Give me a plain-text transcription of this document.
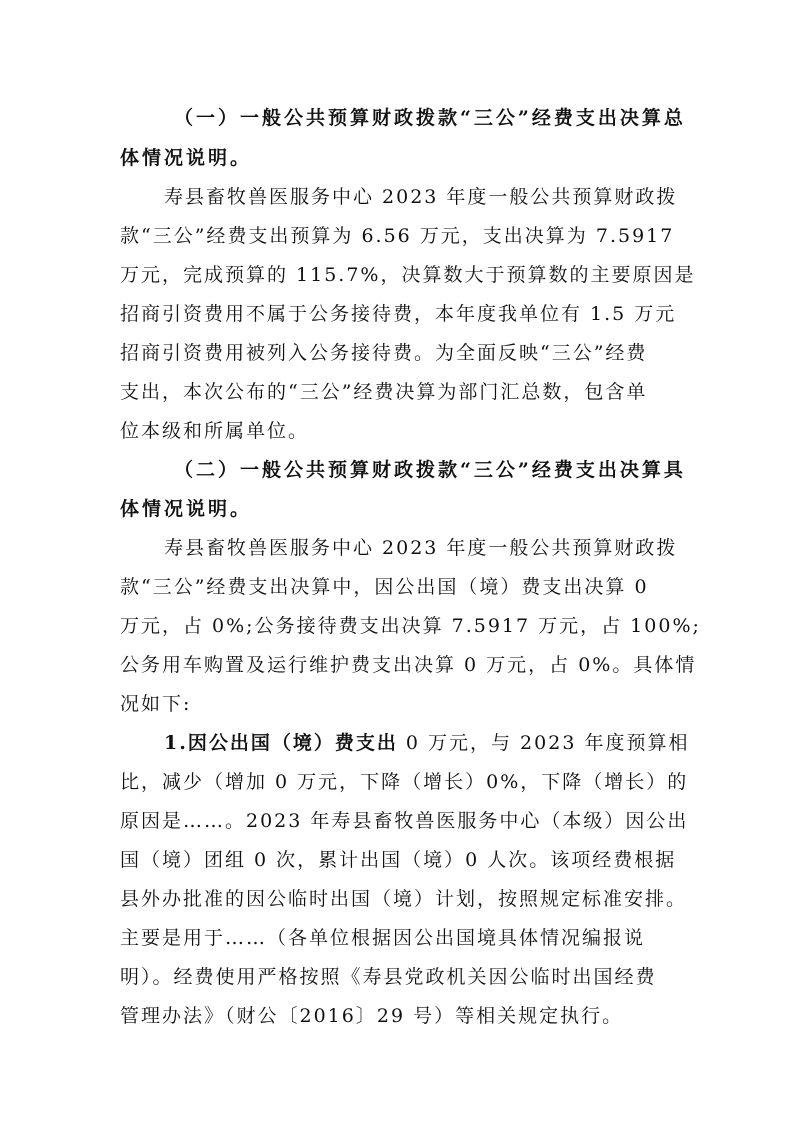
（一）一般公共预算财政拨款“三公”经费支出决算总
体情况说明。
寿县畜牧兽医服务中心 2023 年度一般公共预算财政拨
款“三公”经费支出预算为 6.56 万元，支出决算为 7.5917
万元，完成预算的 115.7%，决算数大于预算数的主要原因是
招商引资费用不属于公务接待费，本年度我单位有 1.5 万元
招商引资费用被列入公务接待费。为全面反映“三公”经费
支出，本次公布的“三公”经费决算为部门汇总数，包含单
位本级和所属单位。
（二）一般公共预算财政拨款“三公”经费支出决算具
体情况说明。
寿县畜牧兽医服务中心 2023 年度一般公共预算财政拨
款“三公”经费支出决算中，因公出国（境）费支出决算 0
万元，占 0%;公务接待费支出决算 7.5917 万元，占 100%;
公务用车购置及运行维护费支出决算 0 万元，占 0%。具体情
况如下:
1.因公出国（境）费支出 0 万元，与 2023 年度预算相
比，减少（增加 0 万元，下降（增长）0%，下降（增长）的
原因是……。2023 年寿县畜牧兽医服务中心（本级）因公出
国（境）团组 0 次，累计出国（境）0 人次。该项经费根据
县外办批准的因公临时出国（境）计划，按照规定标准安排。
主要是用于……（各单位根据因公出国境具体情况编报说
明）。经费使用严格按照《寿县党政机关因公临时出国经费
管理办法》（财公〔2016〕29 号）等相关规定执行。
